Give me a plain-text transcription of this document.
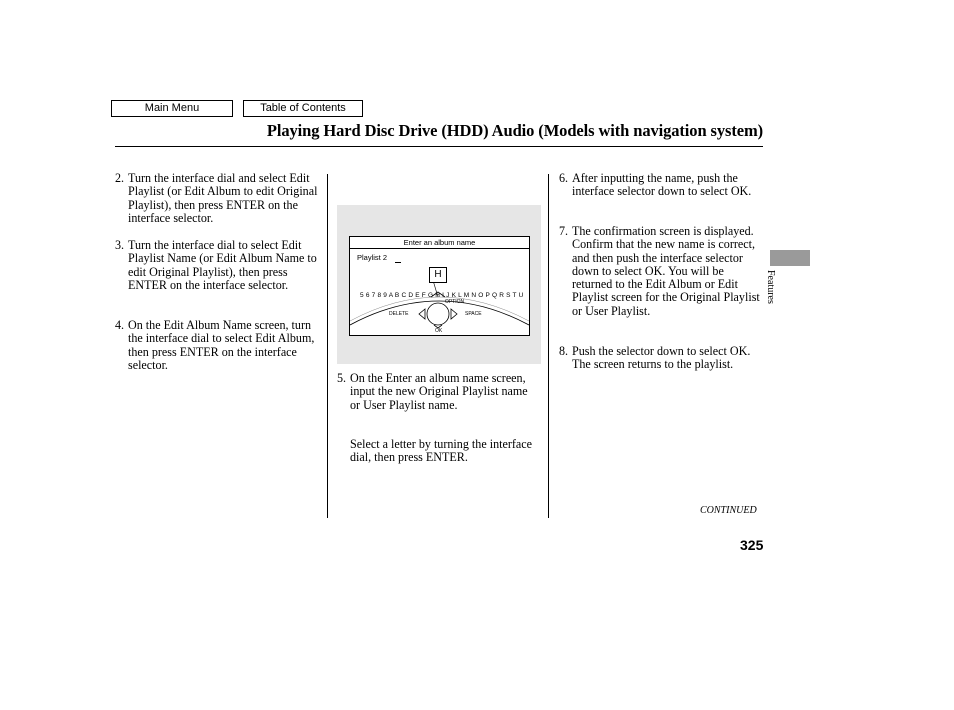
Main Menu	Table of Contents
Playing Hard Disc Drive (HDD) Audio (Models with navigation system)
2. Turn the interface dial and select Edit Playlist (or Edit Album to edit Original Playlist), then press ENTER on the interface selector.
3. Turn the interface dial to select Edit Playlist Name (or Edit Album Name to edit Original Playlist), then press ENTER on the interface selector.
4. On the Edit Album Name screen, turn the interface dial to select Edit Album, then press ENTER on the interface selector.
Enter an album name
Playlist 2
H
5 6 7 8 9 A B C D E F G H I J K L M N O P Q R S T U
OPTION
DELETE	SPACE
OK
5. On the Enter an album name screen, input the new Original Playlist name or User Playlist name.
Select a letter by turning the interface dial, then press ENTER.
6. After inputting the name, push the interface selector down to select OK.
7. The confirmation screen is displayed. Confirm that the new name is correct, and then push the interface selector down to select OK. You will be returned to the Edit Album or Edit Playlist screen for the Original Playlist or User Playlist.
8. Push the selector down to select OK. The screen returns to the playlist.
Features
CONTINUED
325
